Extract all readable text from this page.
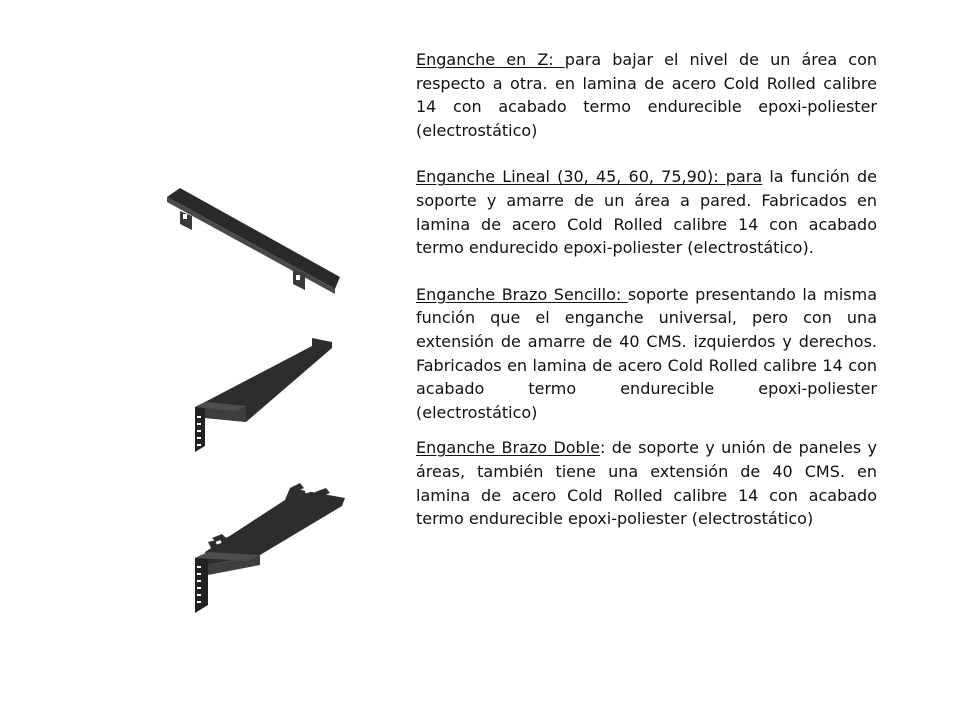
Enganche en Z: para bajar el nivel de un área con respecto a otra. en lamina de acero Cold Rolled calibre 14 con acabado termo endurecible epoxi-poliester (electrostático)

Enganche Lineal (30, 45, 60, 75,90): para la función de soporte y amarre de un área a pared. Fabricados en lamina de acero Cold Rolled calibre 14 con acabado termo endurecido epoxi-poliester (electrostático).

Enganche Brazo Sencillo: soporte presentando la misma función que el enganche universal, pero con una extensión de amarre de 40 CMS. izquierdos y derechos. Fabricados en lamina de acero Cold Rolled calibre 14 con acabado termo endurecible epoxi-poliester (electrostático)

Enganche Brazo Doble: de soporte y unión de paneles y áreas, también tiene una extensión de 40 CMS. en lamina de acero Cold Rolled calibre 14 con acabado termo endurecible epoxi-poliester (electrostático)
